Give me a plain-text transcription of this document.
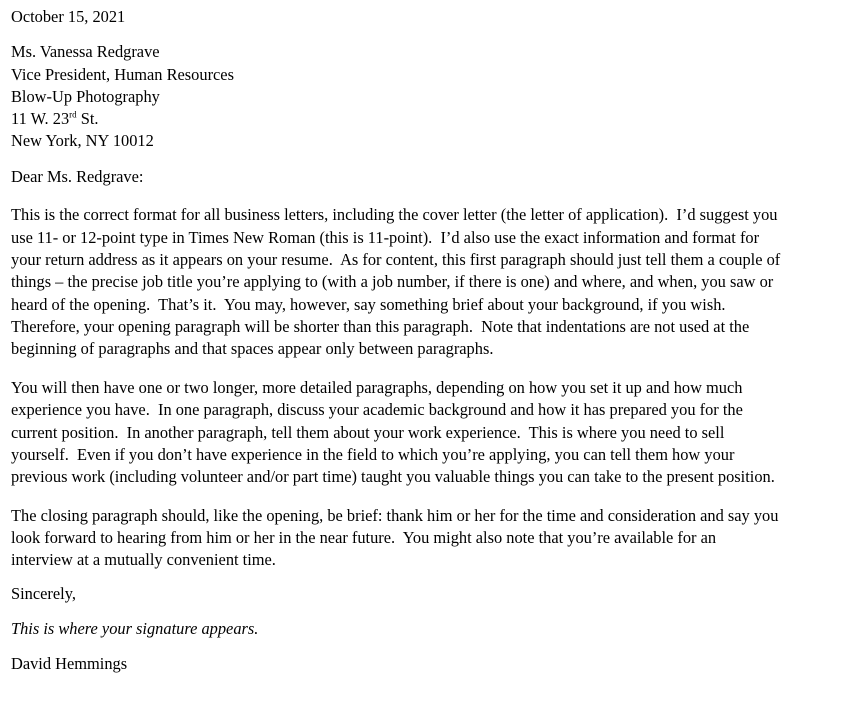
October 15, 2021
Ms. Vanessa Redgrave
Vice President, Human Resources
Blow-Up Photography
11 W. 23rd St.
New York, NY 10012
Dear Ms. Redgrave:

This is the correct format for all business letters, including the cover letter (the letter of application).  I’d suggest you use 11- or 12-point type in Times New Roman (this is 11-point).  I’d also use the exact information and format for your return address as it appears on your resume.  As for content, this first paragraph should just tell them a couple of things – the precise job title you’re applying to (with a job number, if there is one) and where, and when, you saw or heard of the opening.  That’s it.  You may, however, say something brief about your background, if you wish.  Therefore, your opening paragraph will be shorter than this paragraph.  Note that indentations are not used at the beginning of paragraphs and that spaces appear only between paragraphs.

You will then have one or two longer, more detailed paragraphs, depending on how you set it up and how much experience you have.  In one paragraph, discuss your academic background and how it has prepared you for the current position.  In another paragraph, tell them about your work experience.  This is where you need to sell yourself.  Even if you don’t have experience in the field to which you’re applying, you can tell them how your previous work (including volunteer and/or part time) taught you valuable things you can take to the present position.

The closing paragraph should, like the opening, be brief: thank him or her for the time and consideration and say you look forward to hearing from him or her in the near future.  You might also note that you’re available for an interview at a mutually convenient time.

Sincerely,
This is where your signature appears.
David Hemmings
